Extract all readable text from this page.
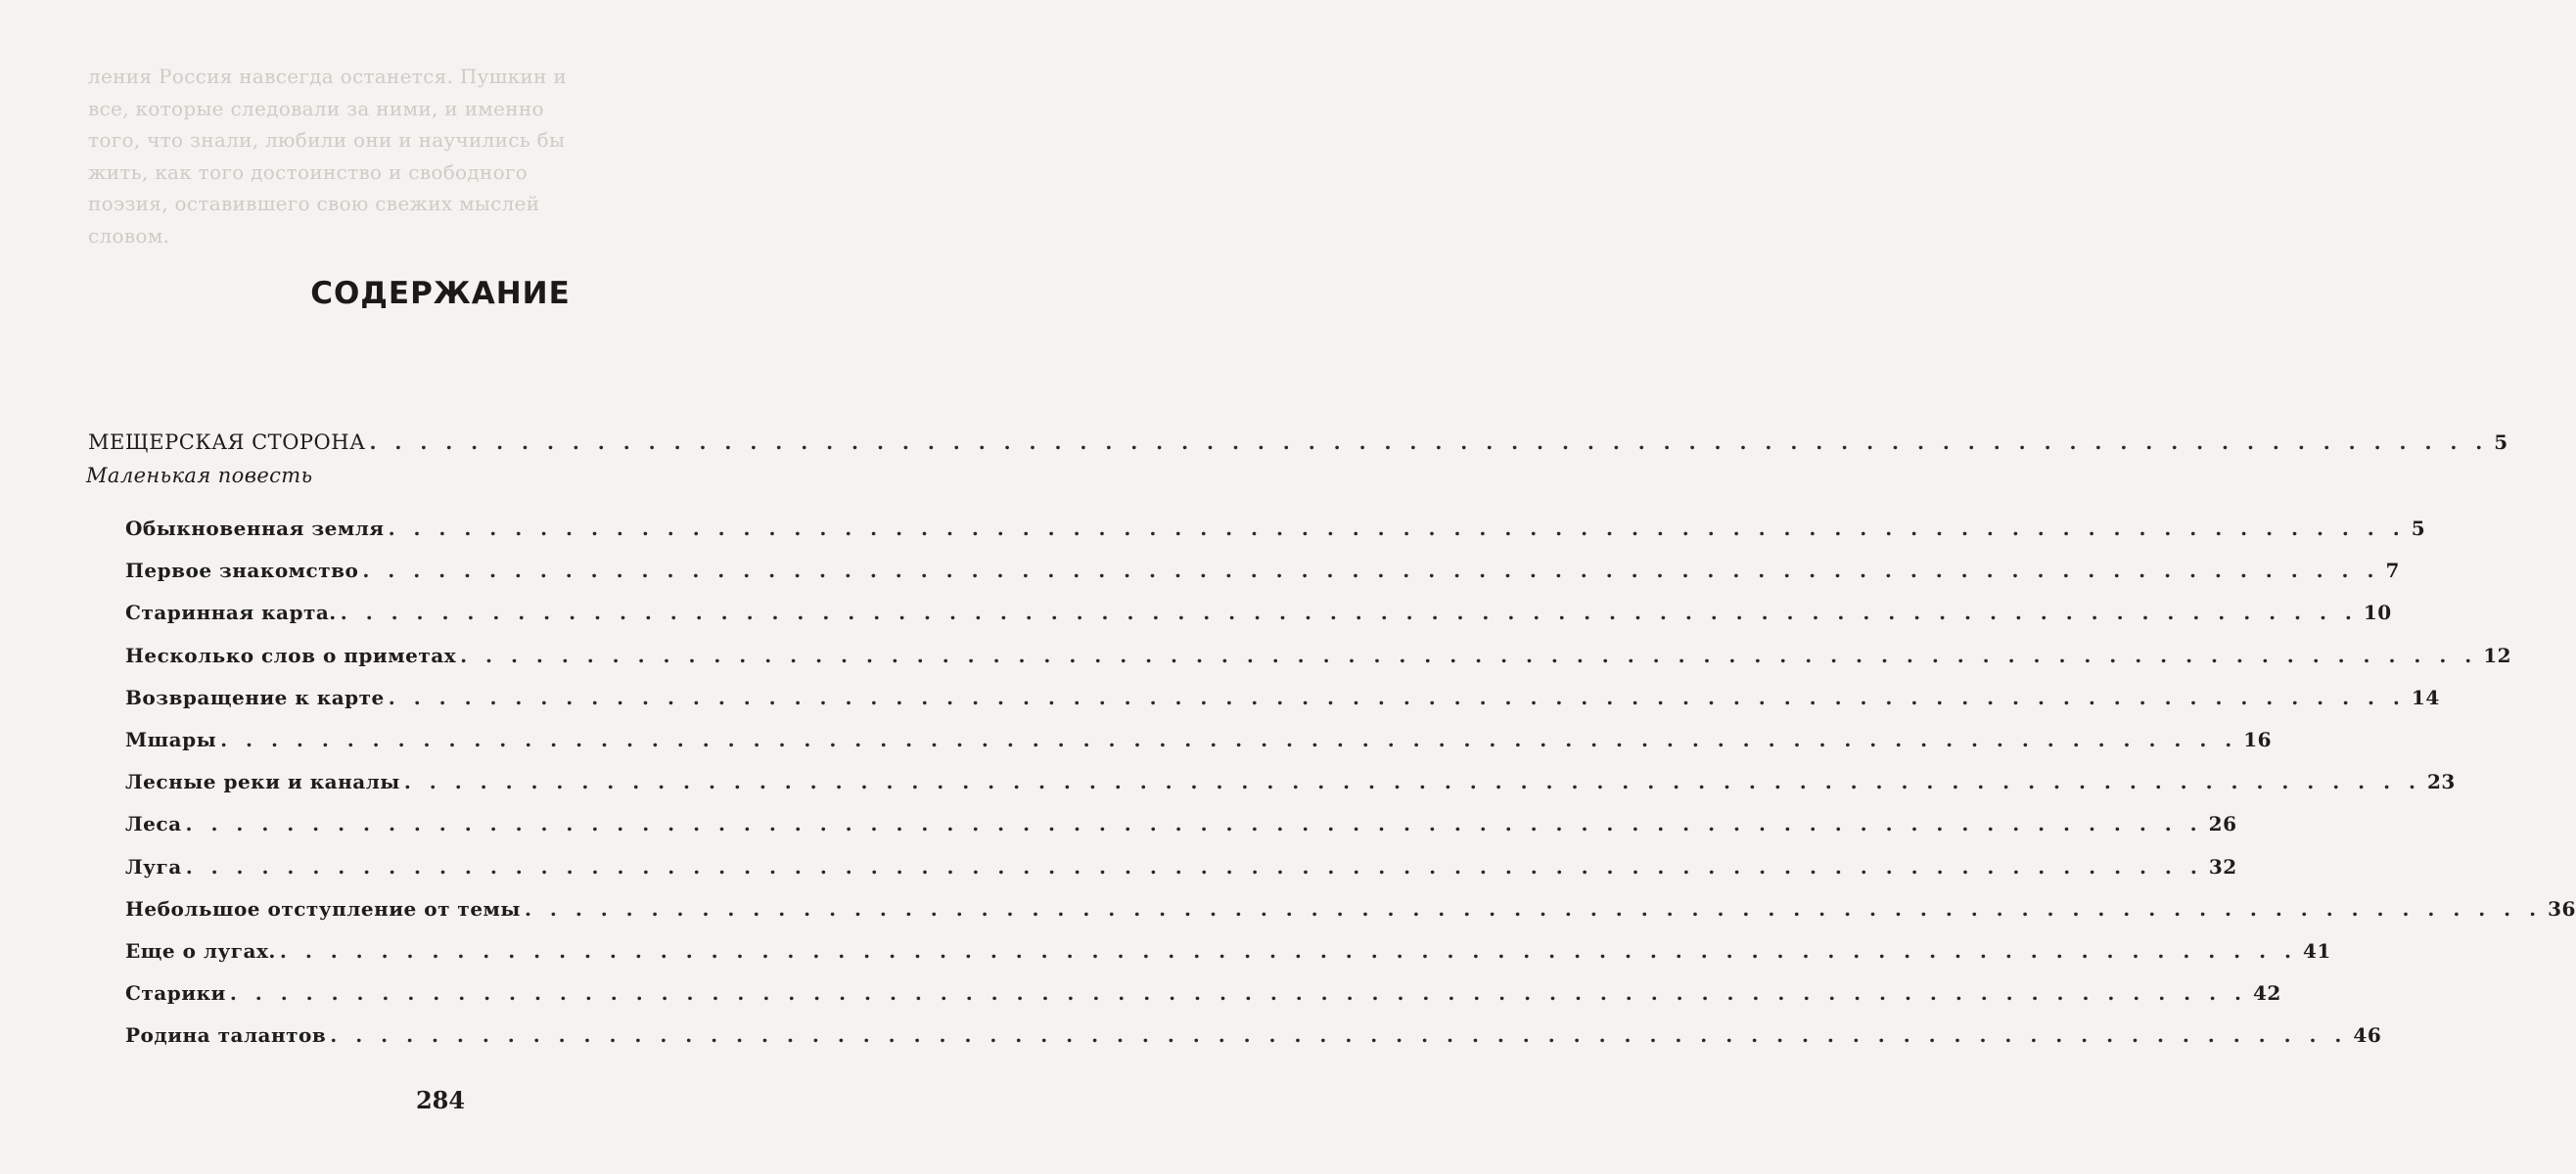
ления Россия навсегда останется. Пушкин и
все, которые следовали за ними, и именно
того, что знали, любили они и научились бы
жить, как того достоинство и свободного
поэзия, оставившего свою свежих мыслей
словом.
СОДЕРЖАНИЕ
МЕЩЕРСКАЯ СТОРОНА . . . . . . . . . . . . . . . . . . . . . . . . . . . . . . . . . . . . . . . . . . . . . . . . . . . . . . . . . . . . . . . . . . . . . . . . . . . . . . . . . . . . 5
Маленькая повесть
Обыкновенная земля . . . . . . . . . . . . . . . . . . . . . . . . . . . . . . . . . . . . . . . . . . . . . . . . . . . . . . . . . . . . . . . . . . . . . . . . . . . . . . . . 5
Первое знакомство . . . . . . . . . . . . . . . . . . . . . . . . . . . . . . . . . . . . . . . . . . . . . . . . . . . . . . . . . . . . . . . . . . . . . . . . . . . . . . . . 7
Старинная карта. . . . . . . . . . . . . . . . . . . . . . . . . . . . . . . . . . . . . . . . . . . . . . . . . . . . . . . . . . . . . . . . . . . . . . . . . . . . . . . . . 10
Несколько слов о приметах . . . . . . . . . . . . . . . . . . . . . . . . . . . . . . . . . . . . . . . . . . . . . . . . . . . . . . . . . . . . . . . . . . . . . . . . . . . . . . . . 12
Возвращение к карте . . . . . . . . . . . . . . . . . . . . . . . . . . . . . . . . . . . . . . . . . . . . . . . . . . . . . . . . . . . . . . . . . . . . . . . . . . . . . . . . 14
Мшары . . . . . . . . . . . . . . . . . . . . . . . . . . . . . . . . . . . . . . . . . . . . . . . . . . . . . . . . . . . . . . . . . . . . . . . . . . . . . . . . 16
Лесные реки и каналы . . . . . . . . . . . . . . . . . . . . . . . . . . . . . . . . . . . . . . . . . . . . . . . . . . . . . . . . . . . . . . . . . . . . . . . . . . . . . . . . 23
Леса . . . . . . . . . . . . . . . . . . . . . . . . . . . . . . . . . . . . . . . . . . . . . . . . . . . . . . . . . . . . . . . . . . . . . . . . . . . . . . . . 26
Луга . . . . . . . . . . . . . . . . . . . . . . . . . . . . . . . . . . . . . . . . . . . . . . . . . . . . . . . . . . . . . . . . . . . . . . . . . . . . . . . . 32
Небольшое отступление от темы . . . . . . . . . . . . . . . . . . . . . . . . . . . . . . . . . . . . . . . . . . . . . . . . . . . . . . . . . . . . . . . . . . . . . . . . . . . . . . . . 36
Еще о лугах. . . . . . . . . . . . . . . . . . . . . . . . . . . . . . . . . . . . . . . . . . . . . . . . . . . . . . . . . . . . . . . . . . . . . . . . . . . . . . . . . 41
Старики . . . . . . . . . . . . . . . . . . . . . . . . . . . . . . . . . . . . . . . . . . . . . . . . . . . . . . . . . . . . . . . . . . . . . . . . . . . . . . . . 42
Родина талантов . . . . . . . . . . . . . . . . . . . . . . . . . . . . . . . . . . . . . . . . . . . . . . . . . . . . . . . . . . . . . . . . . . . . . . . . . . . . . . . . 46
284
